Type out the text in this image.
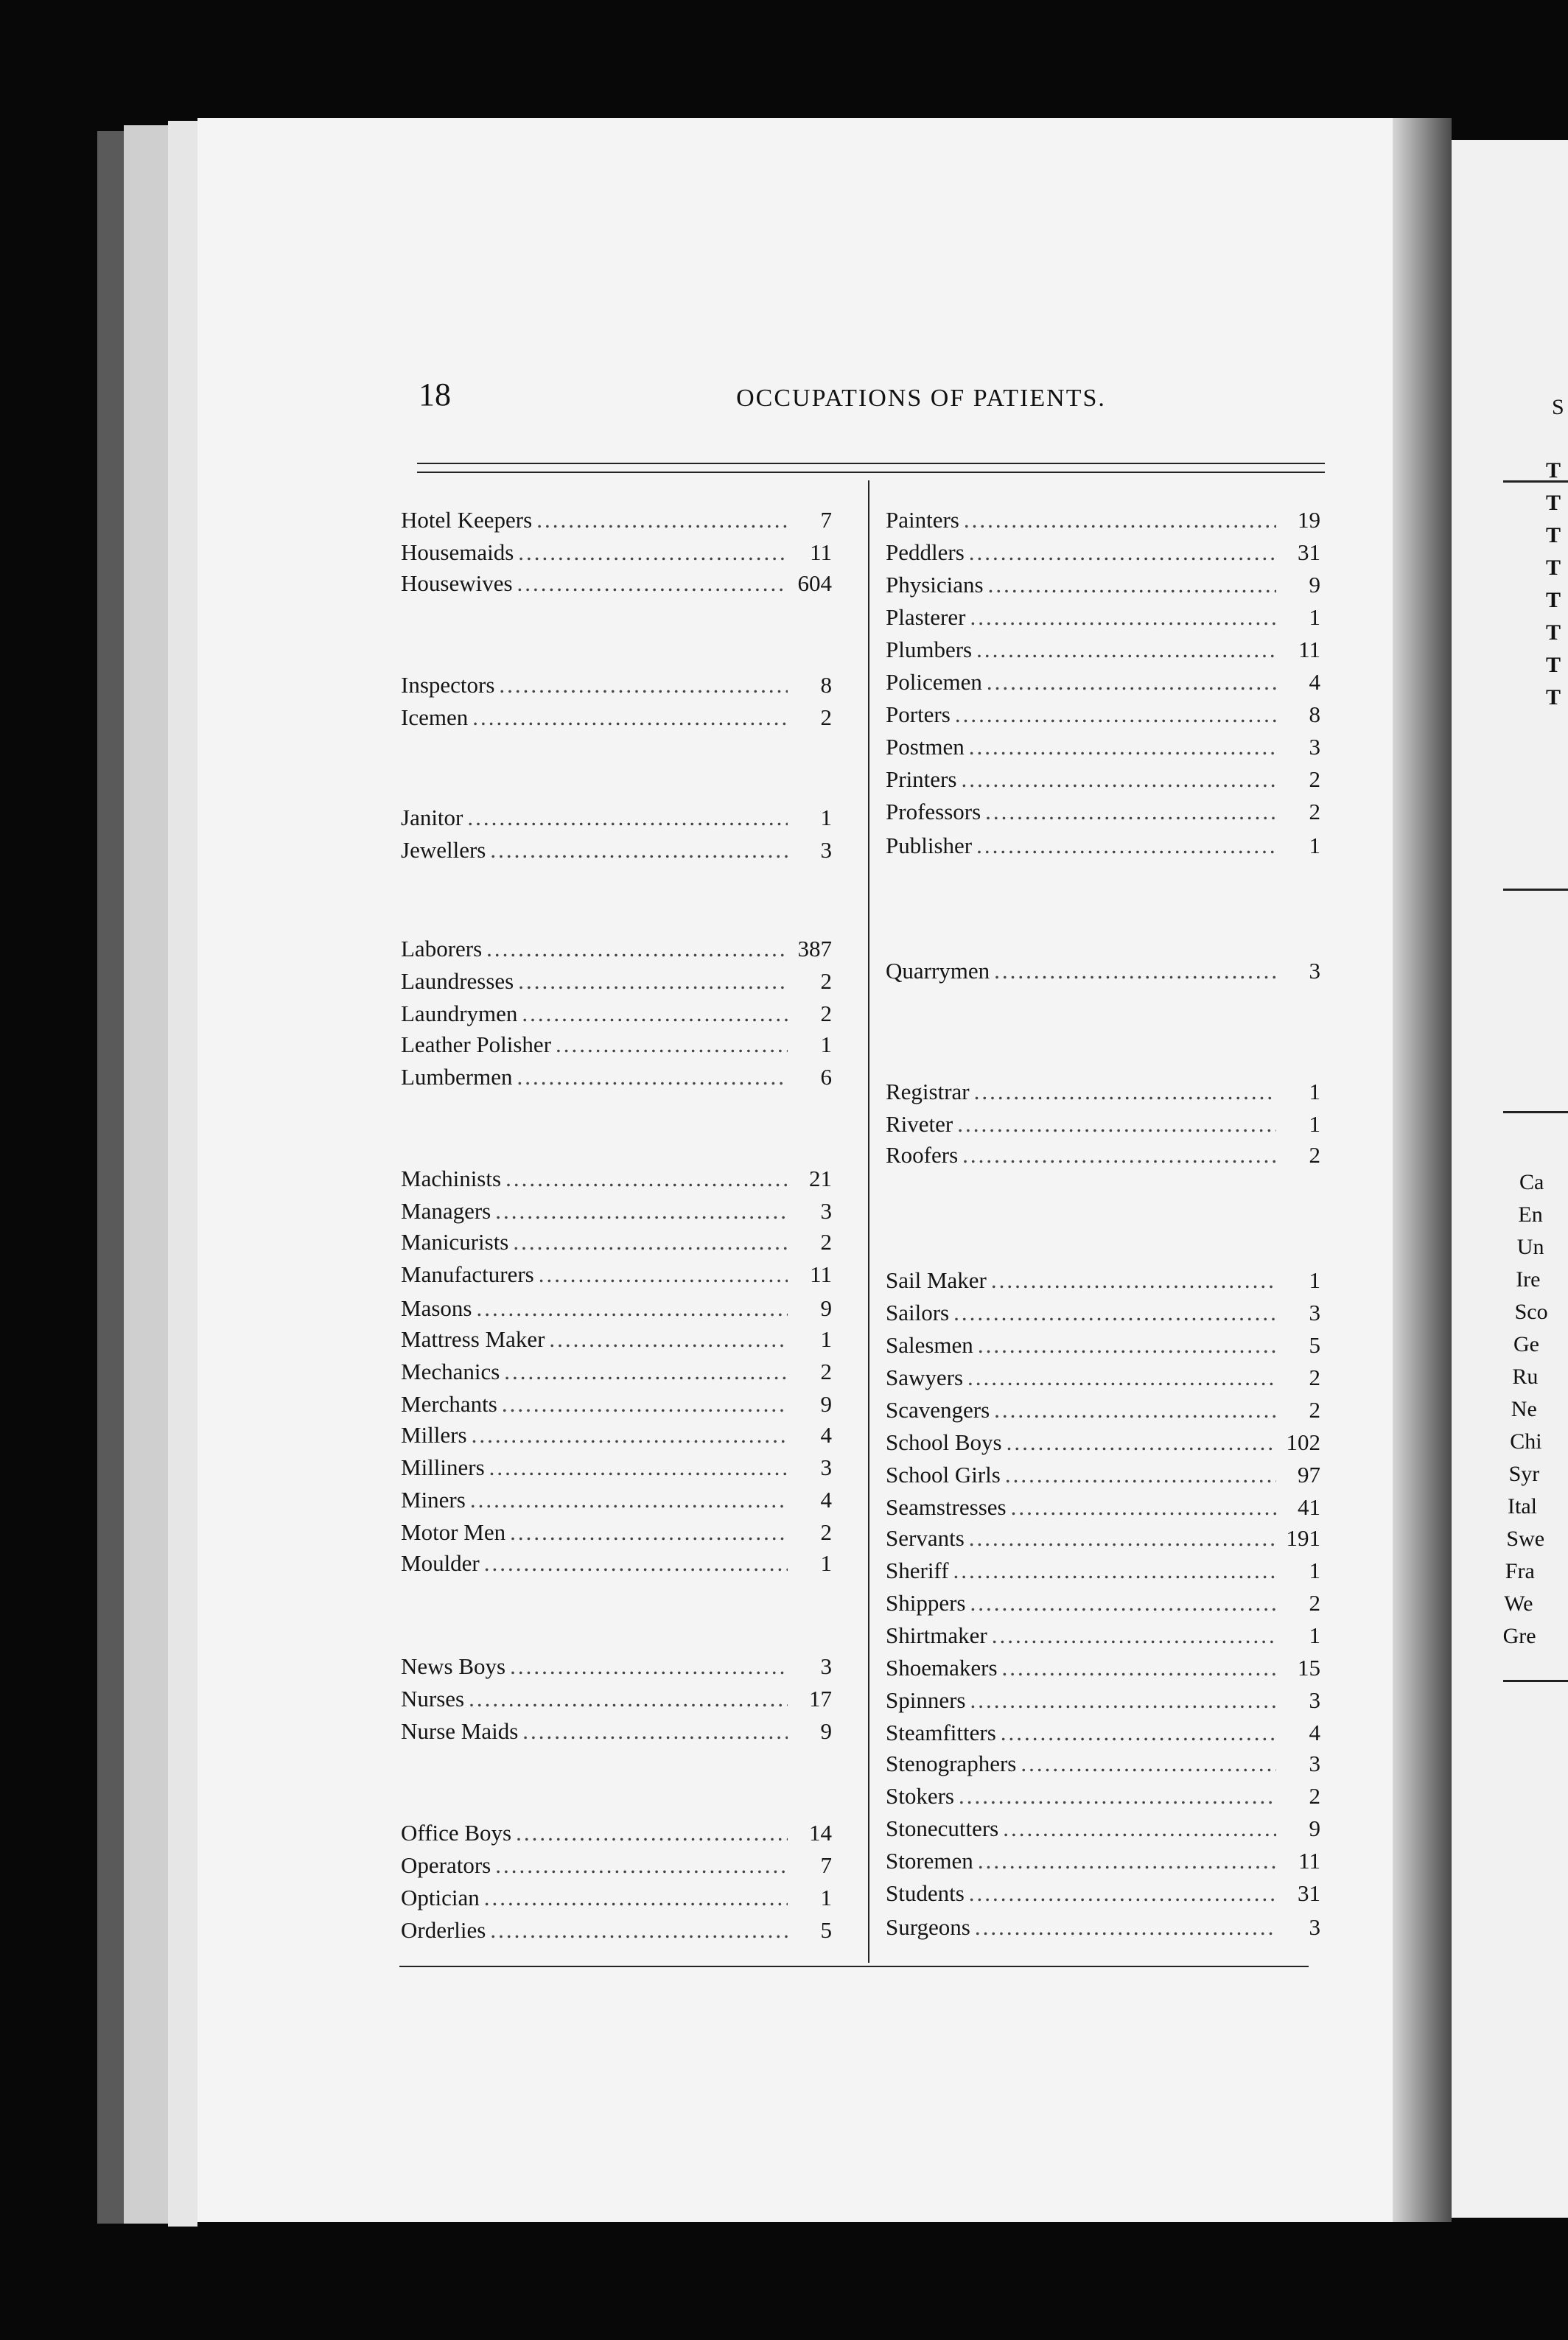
18	OCCUPATIONS OF PATIENTS.
Hotel Keepers .....	7
Housemaids .....	11
Housewives .....	604
Inspectors .....	8
Icemen .....	2
Janitor .....	1
Jewellers .....	3
Laborers .....	387
Laundresses .....	2
Laundrymen .....	2
Leather Polisher .....	1
Lumbermen .....	6
Machinists .....	21
Managers .....	3
Manicurists .....	2
Manufacturers .....	11
Masons .....	9
Mattress Maker .....	1
Mechanics .....	2
Merchants .....	9
Millers .....	4
Milliners .....	3
Miners .....	4
Motor Men .....	2
Moulder .....	1
News Boys .....	3
Nurses .....	17
Nurse Maids .....	9
Office Boys .....	14
Operators .....	7
Optician .....	1
Orderlies .....	5
Painters .....	19
Peddlers .....	31
Physicians .....	9
Plasterer .....	1
Plumbers .....	11
Policemen .....	4
Porters .....	8
Postmen .....	3
Printers .....	2
Professors .....	2
Publisher .....	1
Quarrymen .....	3
Registrar .....	1
Riveter .....	1
Roofers .....	2
Sail Maker .....	1
Sailors .....	3
Salesmen .....	5
Sawyers .....	2
Scavengers .....	2
School Boys .....	102
School Girls .....	97
Seamstresses .....	41
Servants .....	191
Sheriff .....	1
Shippers .....	2
Shirtmaker .....	1
Shoemakers .....	15
Spinners .....	3
Steamfitters .....	4
Stenographers .....	3
Stokers .....	2
Stonecutters .....	9
Storemen .....	11
Students .....	31
Surgeons .....	3
S
T
T
T
T
T
T
T
T
Ca
En
Un
Ire
Sco
Ge
Ru
Ne
Chi
Syr
Ital
Swe
Fra
We
Gre
